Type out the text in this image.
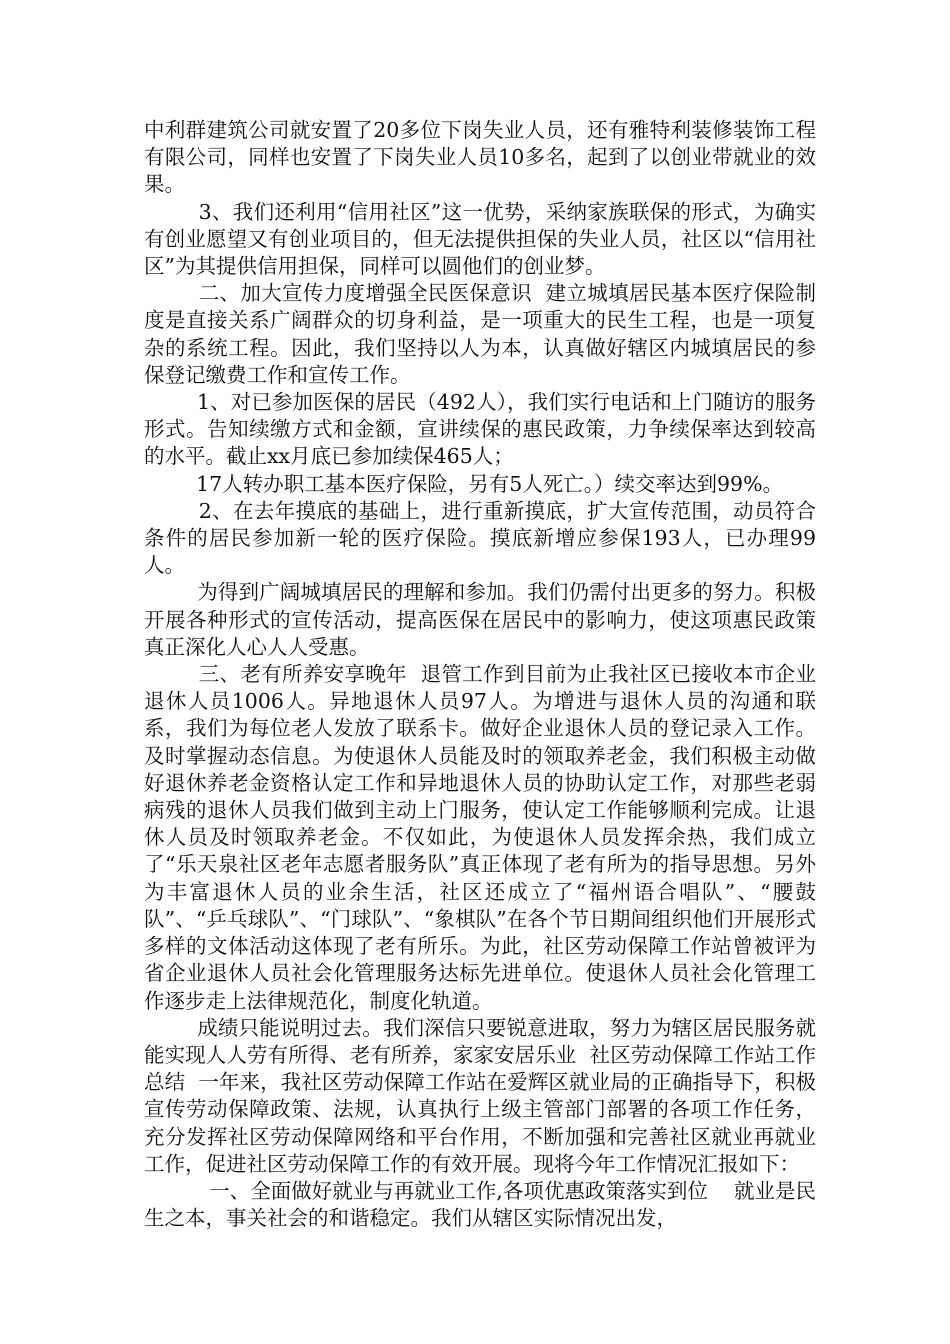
中利群建筑公司就安置了20多位下岗失业人员，还有雅特利装修装饰工程有限公司，同样也安置了下岗失业人员10多名，起到了以创业带就业的效果。

3、我们还利用“信用社区”这一优势，采纳家族联保的形式，为确实有创业愿望又有创业项目的，但无法提供担保的失业人员，社区以“信用社区”为其提供信用担保，同样可以圆他们的创业梦。

二、加大宣传力度增强全民医保意识  建立城填居民基本医疗保险制度是直接关系广阔群众的切身利益，是一项重大的民生工程，也是一项复杂的系统工程。因此，我们坚持以人为本，认真做好辖区内城填居民的参保登记缴费工作和宣传工作。

1、对已参加医保的居民（492人），我们实行电话和上门随访的服务形式。告知续缴方式和金额，宣讲续保的惠民政策，力争续保率达到较高的水平。截止xx月底已参加续保465人；

17人转办职工基本医疗保险，另有5人死亡。）续交率达到99%。

2、在去年摸底的基础上，进行重新摸底，扩大宣传范围，动员符合条件的居民参加新一轮的医疗保险。摸底新增应参保193人，已办理99人。

为得到广阔城填居民的理解和参加。我们仍需付出更多的努力。积极开展各种形式的宣传活动，提高医保在居民中的影响力，使这项惠民政策真正深化人心人人受惠。

三、老有所养安享晚年  退管工作到目前为止我社区已接收本市企业退休人员1006人。异地退休人员97人。为增进与退休人员的沟通和联系，我们为每位老人发放了联系卡。做好企业退休人员的登记录入工作。及时掌握动态信息。为使退休人员能及时的领取养老金，我们积极主动做好退休养老金资格认定工作和异地退休人员的协助认定工作，对那些老弱病残的退休人员我们做到主动上门服务，使认定工作能够顺利完成。让退休人员及时领取养老金。不仅如此，为使退休人员发挥余热，我们成立了“乐天泉社区老年志愿者服务队”真正体现了老有所为的指导思想。另外为丰富退休人员的业余生活，社区还成立了“福州语合唱队”、“腰鼓队”、“乒乓球队”、“门球队”、“象棋队”在各个节日期间组织他们开展形式多样的文体活动这体现了老有所乐。为此，社区劳动保障工作站曾被评为省企业退休人员社会化管理服务达标先进单位。使退休人员社会化管理工作逐步走上法律规范化，制度化轨道。

成绩只能说明过去。我们深信只要锐意进取，努力为辖区居民服务就能实现人人劳有所得、老有所养，家家安居乐业  社区劳动保障工作站工作总结  一年来，我社区劳动保障工作站在爱辉区就业局的正确指导下，积极宣传劳动保障政策、法规，认真执行上级主管部门部署的各项工作任务，充分发挥社区劳动保障网络和平台作用，不断加强和完善社区就业再就业工作，促进社区劳动保障工作的有效开展。现将今年工作情况汇报如下：

一、全面做好就业与再就业工作,各项优惠政策落实到位    就业是民生之本，事关社会的和谐稳定。我们从辖区实际情况出发，
